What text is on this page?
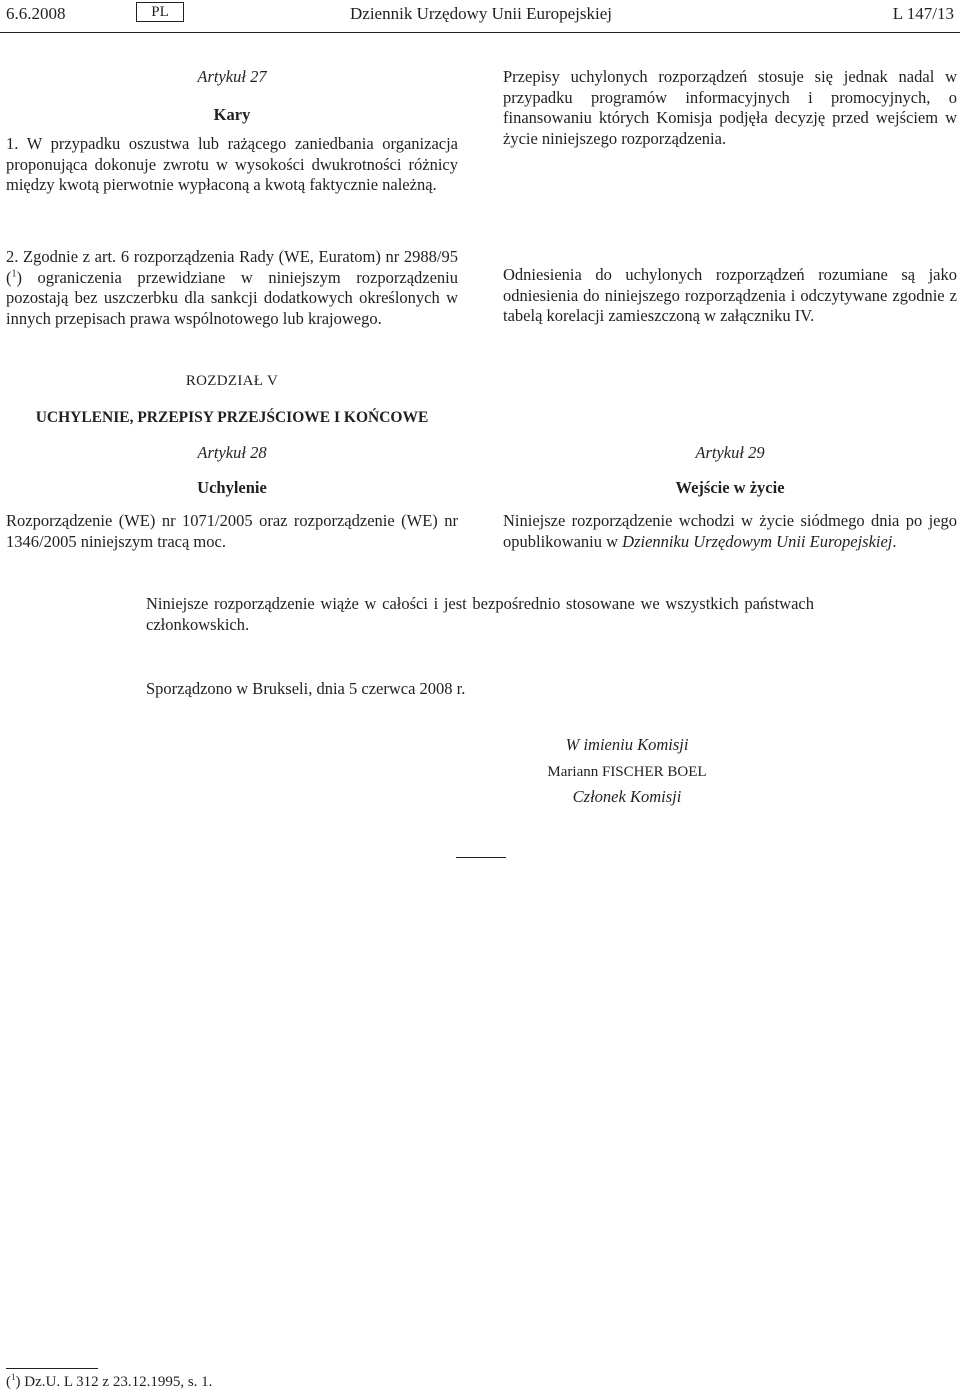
6.6.2008	PL	Dziennik Urzędowy Unii Europejskiej	L 147/13
Artykuł 27
Kary

1. W przypadku oszustwa lub rażącego zaniedbania organizacja proponująca dokonuje zwrotu w wysokości dwukrotności różnicy między kwotą pierwotnie wypłaconą a kwotą faktycznie należną.

2. Zgodnie z art. 6 rozporządzenia Rady (WE, Euratom) nr 2988/95 ($^1$) ograniczenia przewidziane w niniejszym rozporządzeniu pozostają bez uszczerbku dla sankcji dodatkowych określonych w innych przepisach prawa wspólnotowego lub krajowego.

Przepisy uchylonych rozporządzeń stosuje się jednak nadal w przypadku programów informacyjnych i promocyjnych, o finansowaniu których Komisja podjęła decyzję przed wejściem w życie niniejszego rozporządzenia.

Odniesienia do uchylonych rozporządzeń rozumiane są jako odniesienia do niniejszego rozporządzenia i odczytywane zgodnie z tabelą korelacji zamieszczoną w załączniku IV.

ROZDZIAŁ V
UCHYLENIE, PRZEPISY PRZEJŚCIOWE I KOŃCOWE
Artykuł 28
Uchylenie

Rozporządzenie (WE) nr 1071/2005 oraz rozporządzenie (WE) nr 1346/2005 niniejszym tracą moc.

Artykuł 29
Wejście w życie

Niniejsze rozporządzenie wchodzi w życie siódmego dnia po jego opublikowaniu w Dzienniku Urzędowym Unii Europejskiej.

Niniejsze rozporządzenie wiąże w całości i jest bezpośrednio stosowane we wszystkich państwach członkowskich.

Sporządzono w Brukseli, dnia 5 czerwca 2008 r.
W imieniu Komisji
Mariann FISCHER BOEL
Członek Komisji
($^1$) Dz.U. L 312 z 23.12.1995, s. 1.
